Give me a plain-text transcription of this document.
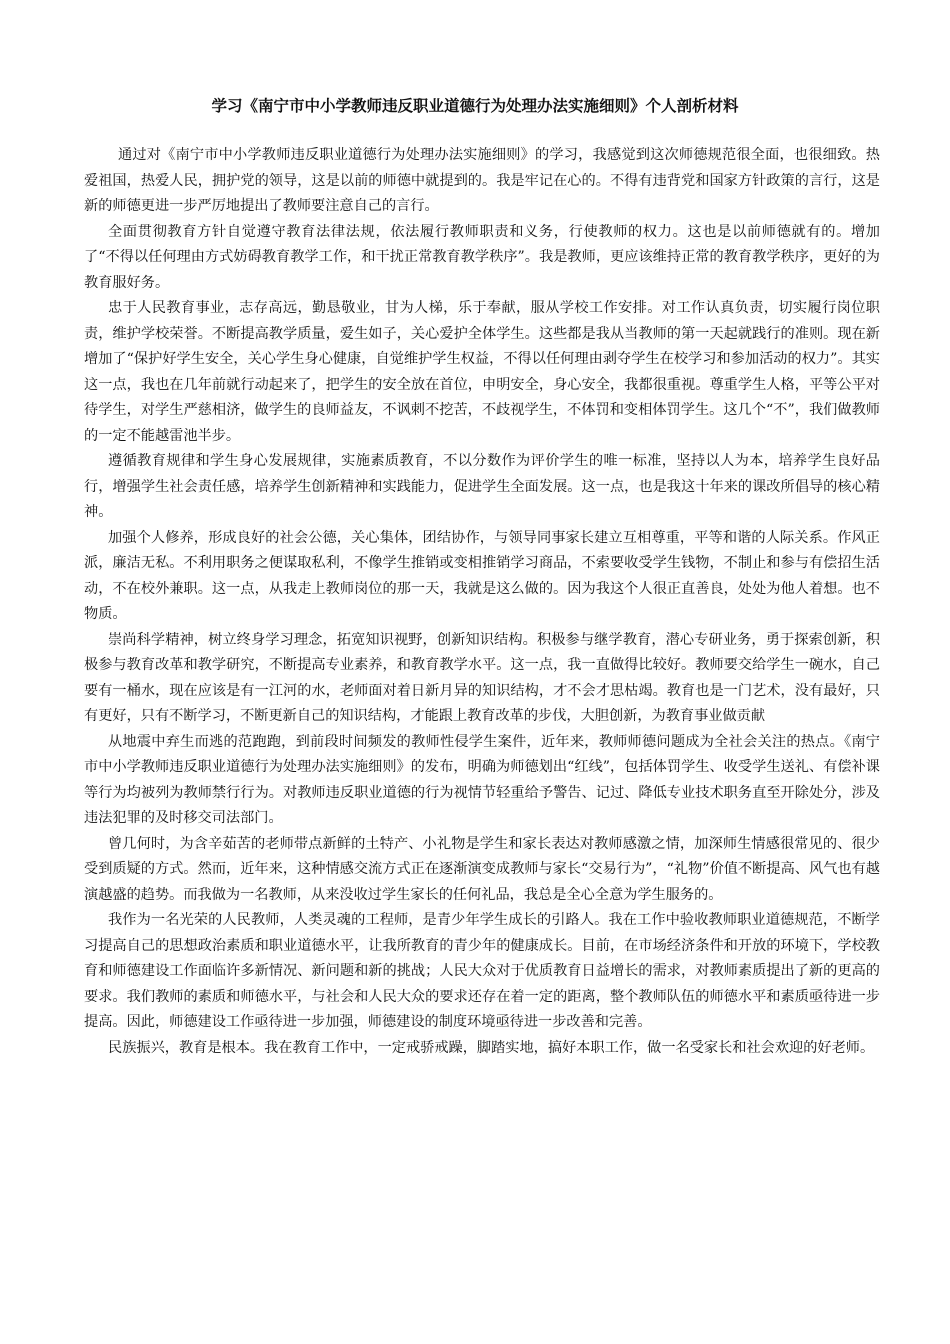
学习《南宁市中小学教师违反职业道德行为处理办法实施细则》个人剖析材料

通过对《南宁市中小学教师违反职业道德行为处理办法实施细则》的学习，我感觉到这次师德规范很全面，也很细致。热爱祖国，热爱人民，拥护党的领导，这是以前的师德中就提到的。我是牢记在心的。不得有违背党和国家方针政策的言行，这是新的师德更进一步严厉地提出了教师要注意自己的言行。

全面贯彻教育方针自觉遵守教育法律法规，依法履行教师职责和义务，行使教师的权力。这也是以前师德就有的。增加了“不得以任何理由方式妨碍教育教学工作，和干扰正常教育教学秩序”。我是教师，更应该维持正常的教育教学秩序，更好的为教育服好务。

忠于人民教育事业，志存高远，勤恳敬业，甘为人梯，乐于奉献，服从学校工作安排。对工作认真负责，切实履行岗位职责，维护学校荣誉。不断提高教学质量，爱生如子，关心爱护全体学生。这些都是我从当教师的第一天起就践行的准则。现在新增加了“保护好学生安全，关心学生身心健康，自觉维护学生权益，不得以任何理由剥夺学生在校学习和参加活动的权力”。其实这一点，我也在几年前就行动起来了，把学生的安全放在首位，申明安全，身心安全，我都很重视。尊重学生人格，平等公平对待学生，对学生严慈相济，做学生的良师益友，不讽刺不挖苦，不歧视学生，不体罚和变相体罚学生。这几个“不”，我们做教师的一定不能越雷池半步。

遵循教育规律和学生身心发展规律，实施素质教育，不以分数作为评价学生的唯一标准，坚持以人为本，培养学生良好品行，增强学生社会责任感，培养学生创新精神和实践能力，促进学生全面发展。这一点，也是我这十年来的课改所倡导的核心精神。

加强个人修养，形成良好的社会公德，关心集体，团结协作，与领导同事家长建立互相尊重，平等和谐的人际关系。作风正派，廉洁无私。不利用职务之便谋取私利，不像学生推销或变相推销学习商品，不索要收受学生钱物，不制止和参与有偿招生活动，不在校外兼职。这一点，从我走上教师岗位的那一天，我就是这么做的。因为我这个人很正直善良，处处为他人着想。也不物质。

崇尚科学精神，树立终身学习理念，拓宽知识视野，创新知识结构。积极参与继学教育，潜心专研业务，勇于探索创新，积极参与教育改革和教学研究，不断提高专业素养，和教育教学水平。这一点，我一直做得比较好。教师要交给学生一碗水，自己要有一桶水，现在应该是有一江河的水，老师面对着日新月异的知识结构，才不会才思枯竭。教育也是一门艺术，没有最好，只有更好，只有不断学习，不断更新自己的知识结构，才能跟上教育改革的步伐，大胆创新，为教育事业做贡献

从地震中弃生而逃的范跑跑，到前段时间频发的教师性侵学生案件，近年来，教师师德问题成为全社会关注的热点。《南宁市中小学教师违反职业道德行为处理办法实施细则》的发布，明确为师德划出“红线”，包括体罚学生、收受学生送礼、有偿补课等行为均被列为教师禁行行为。对教师违反职业道德的行为视情节轻重给予警告、记过、降低专业技术职务直至开除处分，涉及违法犯罪的及时移交司法部门。

曾几何时，为含辛茹苦的老师带点新鲜的土特产、小礼物是学生和家长表达对教师感激之情，加深师生情感很常见的、很少受到质疑的方式。然而，近年来，这种情感交流方式正在逐渐演变成教师与家长“交易行为”，“礼物”价值不断提高、风气也有越演越盛的趋势。而我做为一名教师，从来没收过学生家长的任何礼品，我总是全心全意为学生服务的。

我作为一名光荣的人民教师，人类灵魂的工程师，是青少年学生成长的引路人。我在工作中验收教师职业道德规范，不断学习提高自己的思想政治素质和职业道德水平，让我所教育的青少年的健康成长。目前，在市场经济条件和开放的环境下，学校教育和师德建设工作面临许多新情况、新问题和新的挑战；人民大众对于优质教育日益增长的需求，对教师素质提出了新的更高的要求。我们教师的素质和师德水平，与社会和人民大众的要求还存在着一定的距离，整个教师队伍的师德水平和素质亟待进一步提高。因此，师德建设工作亟待进一步加强，师德建设的制度环境亟待进一步改善和完善。

民族振兴，教育是根本。我在教育工作中，一定戒骄戒躁，脚踏实地，搞好本职工作，做一名受家长和社会欢迎的好老师。
